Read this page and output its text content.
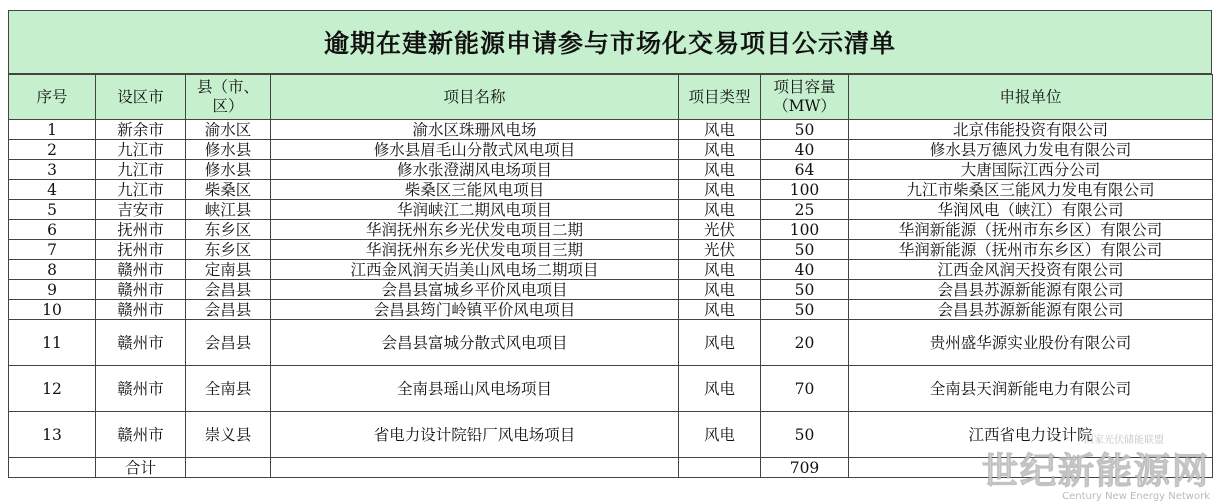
逾期在建新能源申请参与市场化交易项目公示清单
序号	设区市	县（市、区）	项目名称	项目类型	项目容量（MW）	申报单位
1	新余市	渝水区	渝水区珠珊风电场	风电	50	北京伟能投资有限公司
2	九江市	修水县	修水县眉毛山分散式风电项目	风电	40	修水县万德风力发电有限公司
3	九江市	修水县	修水张澄湖风电场项目	风电	64	大唐国际江西分公司
4	九江市	柴桑区	柴桑区三能风电项目	风电	100	九江市柴桑区三能风力发电有限公司
5	吉安市	峡江县	华润峡江二期风电项目	风电	25	华润风电（峡江）有限公司
6	抚州市	东乡区	华润抚州东乡光伏发电项目二期	光伏	100	华润新能源（抚州市东乡区）有限公司
7	抚州市	东乡区	华润抚州东乡光伏发电项目三期	光伏	50	华润新能源（抚州市东乡区）有限公司
8	赣州市	定南县	江西金风润天岿美山风电场二期项目	风电	40	江西金风润天投资有限公司
9	赣州市	会昌县	会昌县富城乡平价风电项目	风电	50	会昌县苏源新能源有限公司
10	赣州市	会昌县	会昌县筠门岭镇平价风电项目	风电	50	会昌县苏源新能源有限公司
11	赣州市	会昌县	会昌县富城分散式风电项目	风电	20	贵州盛华源实业股份有限公司
12	赣州市	全南县	全南县瑶山风电场项目	风电	70	全南县天润新能电力有限公司
13	赣州市	崇义县	省电力设计院铅厂风电场项目	风电	50	江西省电力设计院
	合计				709	
国家光伏储能联盟
世纪新能源网
Century New Energy Network
